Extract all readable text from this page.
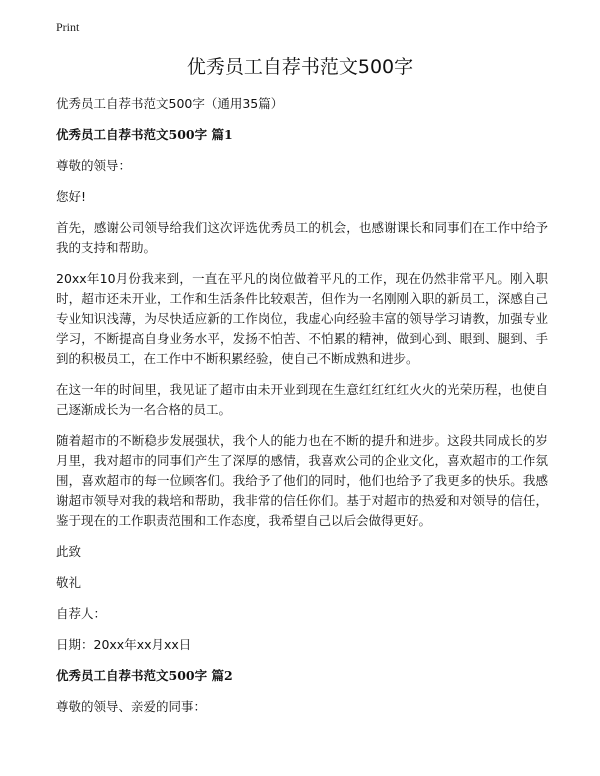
Print
优秀员工自荐书范文500字

优秀员工自荐书范文500字（通用35篇）

优秀员工自荐书范文500字 篇1

尊敬的领导：

您好!

首先，感谢公司领导给我们这次评选优秀员工的机会，也感谢课长和同事们在工作中给予我的支持和帮助。

20xx年10月份我来到，一直在平凡的岗位做着平凡的工作，现在仍然非常平凡。刚入职时，超市还未开业，工作和生活条件比较艰苦，但作为一名刚刚入职的新员工，深感自己专业知识浅薄，为尽快适应新的工作岗位，我虚心向经验丰富的领导学习请教，加强专业学习，不断提高自身业务水平，发扬不怕苦、不怕累的精神，做到心到、眼到、腿到、手到的积极员工，在工作中不断积累经验，使自己不断成熟和进步。

在这一年的时间里，我见证了超市由未开业到现在生意红红红红火火的光荣历程，也使自己逐渐成长为一名合格的员工。

随着超市的不断稳步发展强状，我个人的能力也在不断的提升和进步。这段共同成长的岁月里，我对超市的同事们产生了深厚的感情，我喜欢公司的企业文化，喜欢超市的工作氛围，喜欢超市的每一位顾客们。我给予了他们的同时，他们也给予了我更多的快乐。我感谢超市领导对我的栽培和帮助，我非常的信任你们。基于对超市的热爱和对领导的信任，鉴于现在的工作职责范围和工作态度，我希望自己以后会做得更好。

此致

敬礼

自荐人：

日期：20xx年xx月xx日

优秀员工自荐书范文500字 篇2

尊敬的领导、亲爱的同事：
